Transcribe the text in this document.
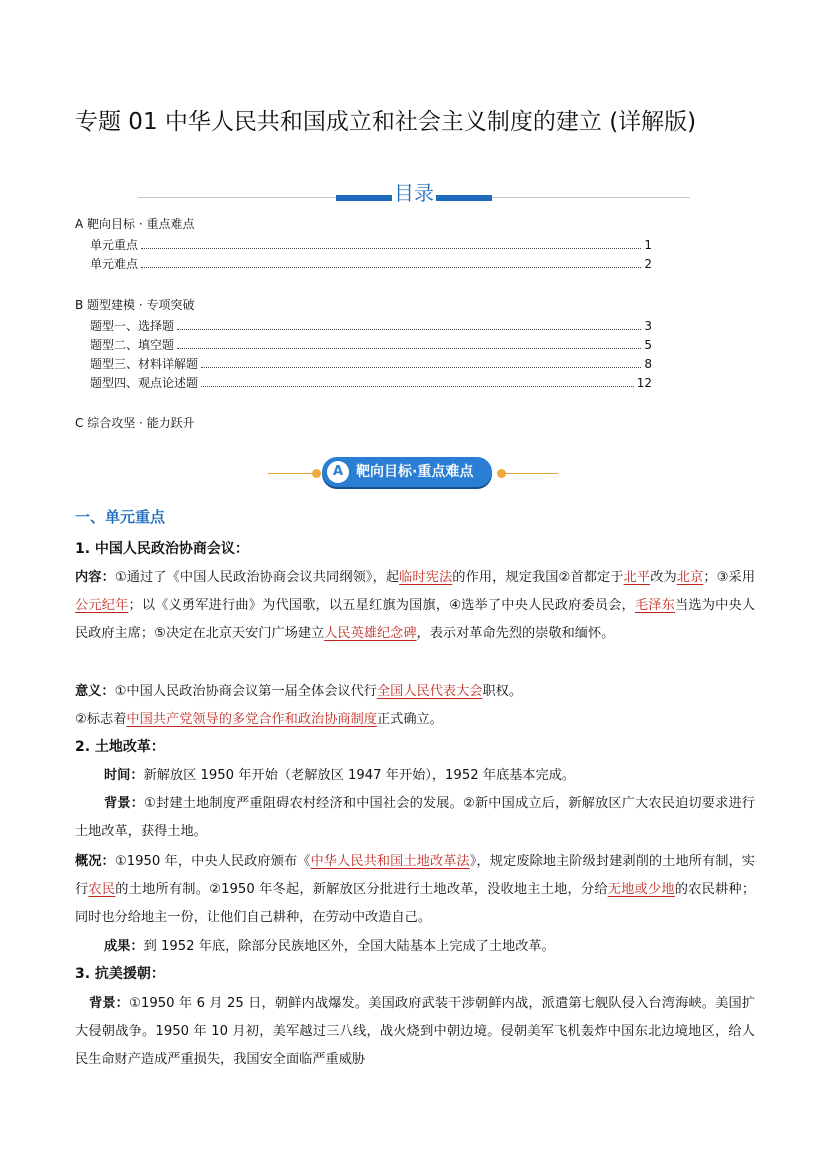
专题 01 中华人民共和国成立和社会主义制度的建立 (详解版)
目录
A 靶向目标 · 重点难点
单元重点	1
单元难点	2
B 题型建模 · 专项突破
题型一、选择题	3
题型二、填空题	5
题型三、材料详解题	8
题型四、观点论述题	12
C 综合攻坚 · 能力跃升
A 靶向目标·重点难点
一、单元重点
1. 中国人民政治协商会议：
内容：①通过了《中国人民政治协商会议共同纲领》，起临时宪法的作用，规定我国②首都定于北平改为北京；③采用公元纪年；以《义勇军进行曲》为代国歌，以五星红旗为国旗，④选举了中央人民政府委员会，毛泽东当选为中央人民政府主席；⑤决定在北京天安门广场建立人民英雄纪念碑，表示对革命先烈的崇敬和缅怀。
意义：①中国人民政治协商会议第一届全体会议代行全国人民代表大会职权。
②标志着中国共产党领导的多党合作和政治协商制度正式确立。
2. 土地改革：
时间：新解放区 1950 年开始（老解放区 1947 年开始），1952 年底基本完成。
背景：①封建土地制度严重阻碍农村经济和中国社会的发展。②新中国成立后，新解放区广大农民迫切要求进行土地改革，获得土地。
概况：①1950 年，中央人民政府颁布《中华人民共和国土地改革法》，规定废除地主阶级封建剥削的土地所有制，实行农民的土地所有制。②1950 年冬起，新解放区分批进行土地改革，没收地主土地，分给无地或少地的农民耕种；同时也分给地主一份，让他们自己耕种，在劳动中改造自己。
成果：到 1952 年底，除部分民族地区外，全国大陆基本上完成了土地改革。
3. 抗美援朝：
背景：①1950 年 6 月 25 日，朝鲜内战爆发。美国政府武装干涉朝鲜内战，派遣第七舰队侵入台湾海峡。美国扩大侵朝战争。1950 年 10 月初，美军越过三八线，战火烧到中朝边境。侵朝美军飞机轰炸中国东北边境地区，给人民生命财产造成严重损失，我国安全面临严重威胁
